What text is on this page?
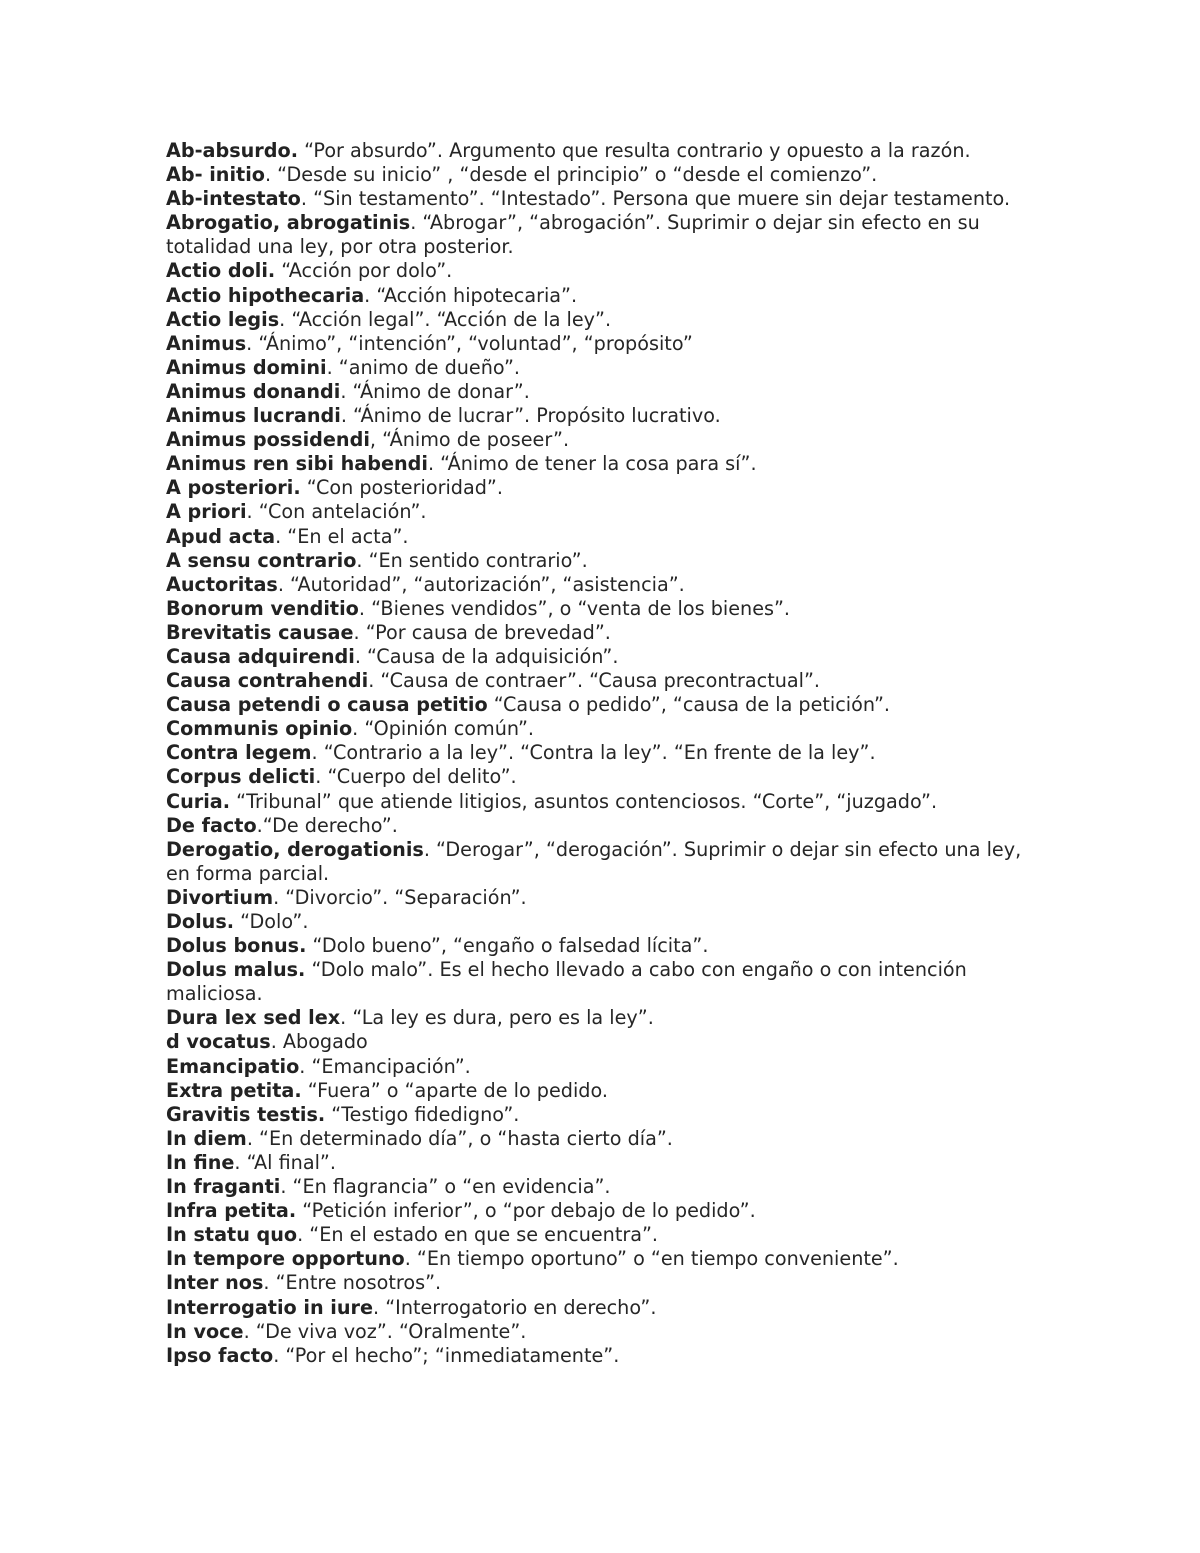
Ab-absurdo. “Por absurdo”. Argumento que resulta contrario y opuesto a la razón.

Ab- initio. “Desde su inicio” , “desde el principio” o “desde el comienzo”.

Ab-intestato. “Sin testamento”. “Intestado”. Persona que muere sin dejar testamento.

Abrogatio, abrogatinis. “Abrogar”, “abrogación”. Suprimir o dejar sin efecto en su totalidad una ley, por otra posterior.

Actio doli. “Acción por dolo”.

Actio hipothecaria. “Acción hipotecaria”.

Actio legis. “Acción legal”. “Acción de la ley”.

Animus. “Ánimo”, “intención”, “voluntad”, “propósito”

Animus domini. “animo de dueño”.

Animus donandi. “Ánimo de donar”.

Animus lucrandi. “Ánimo de lucrar”. Propósito lucrativo.

Animus possidendi, “Ánimo de poseer”.

Animus ren sibi habendi. “Ánimo de tener la cosa para sí”.

A posteriori. “Con posterioridad”.

A priori. “Con antelación”.

Apud acta. “En el acta”.

A sensu contrario. “En sentido contrario”.

Auctoritas. “Autoridad”, “autorización”, “asistencia”.

Bonorum venditio. “Bienes vendidos”, o “venta de los bienes”.

Brevitatis causae. “Por causa de brevedad”.

Causa adquirendi. “Causa de la adquisición”.

Causa contrahendi. “Causa de contraer”. “Causa precontractual”.

Causa petendi o causa petitio “Causa o pedido”, “causa de la petición”.

Communis opinio. “Opinión común”.

Contra legem. “Contrario a la ley”. “Contra la ley”. “En frente de la ley”.

Corpus delicti. “Cuerpo del delito”.

Curia. “Tribunal” que atiende litigios, asuntos contenciosos. “Corte”, “juzgado”.

De facto.“De derecho”.

Derogatio, derogationis. “Derogar”, “derogación”. Suprimir o dejar sin efecto una ley, en forma parcial.

Divortium. “Divorcio”. “Separación”.

Dolus. “Dolo”.

Dolus bonus. “Dolo bueno”, “engaño o falsedad lícita”.

Dolus malus. “Dolo malo”. Es el hecho llevado a cabo con engaño o con intención maliciosa.

Dura lex sed lex. “La ley es dura, pero es la ley”.

d vocatus. Abogado

Emancipatio. “Emancipación”.

Extra petita. “Fuera” o “aparte de lo pedido.

Gravitis testis. “Testigo fidedigno”.

In diem. “En determinado día”, o “hasta cierto día”.

In fine. “Al final”.

In fraganti. “En flagrancia” o “en evidencia”.

Infra petita. “Petición inferior”, o “por debajo de lo pedido”.

In statu quo. “En el estado en que se encuentra”.

In tempore opportuno. “En tiempo oportuno” o “en tiempo conveniente”.

Inter nos. “Entre nosotros”.

Interrogatio in iure. “Interrogatorio en derecho”.

In voce. “De viva voz”. “Oralmente”.

Ipso facto. “Por el hecho”; “inmediatamente”.
